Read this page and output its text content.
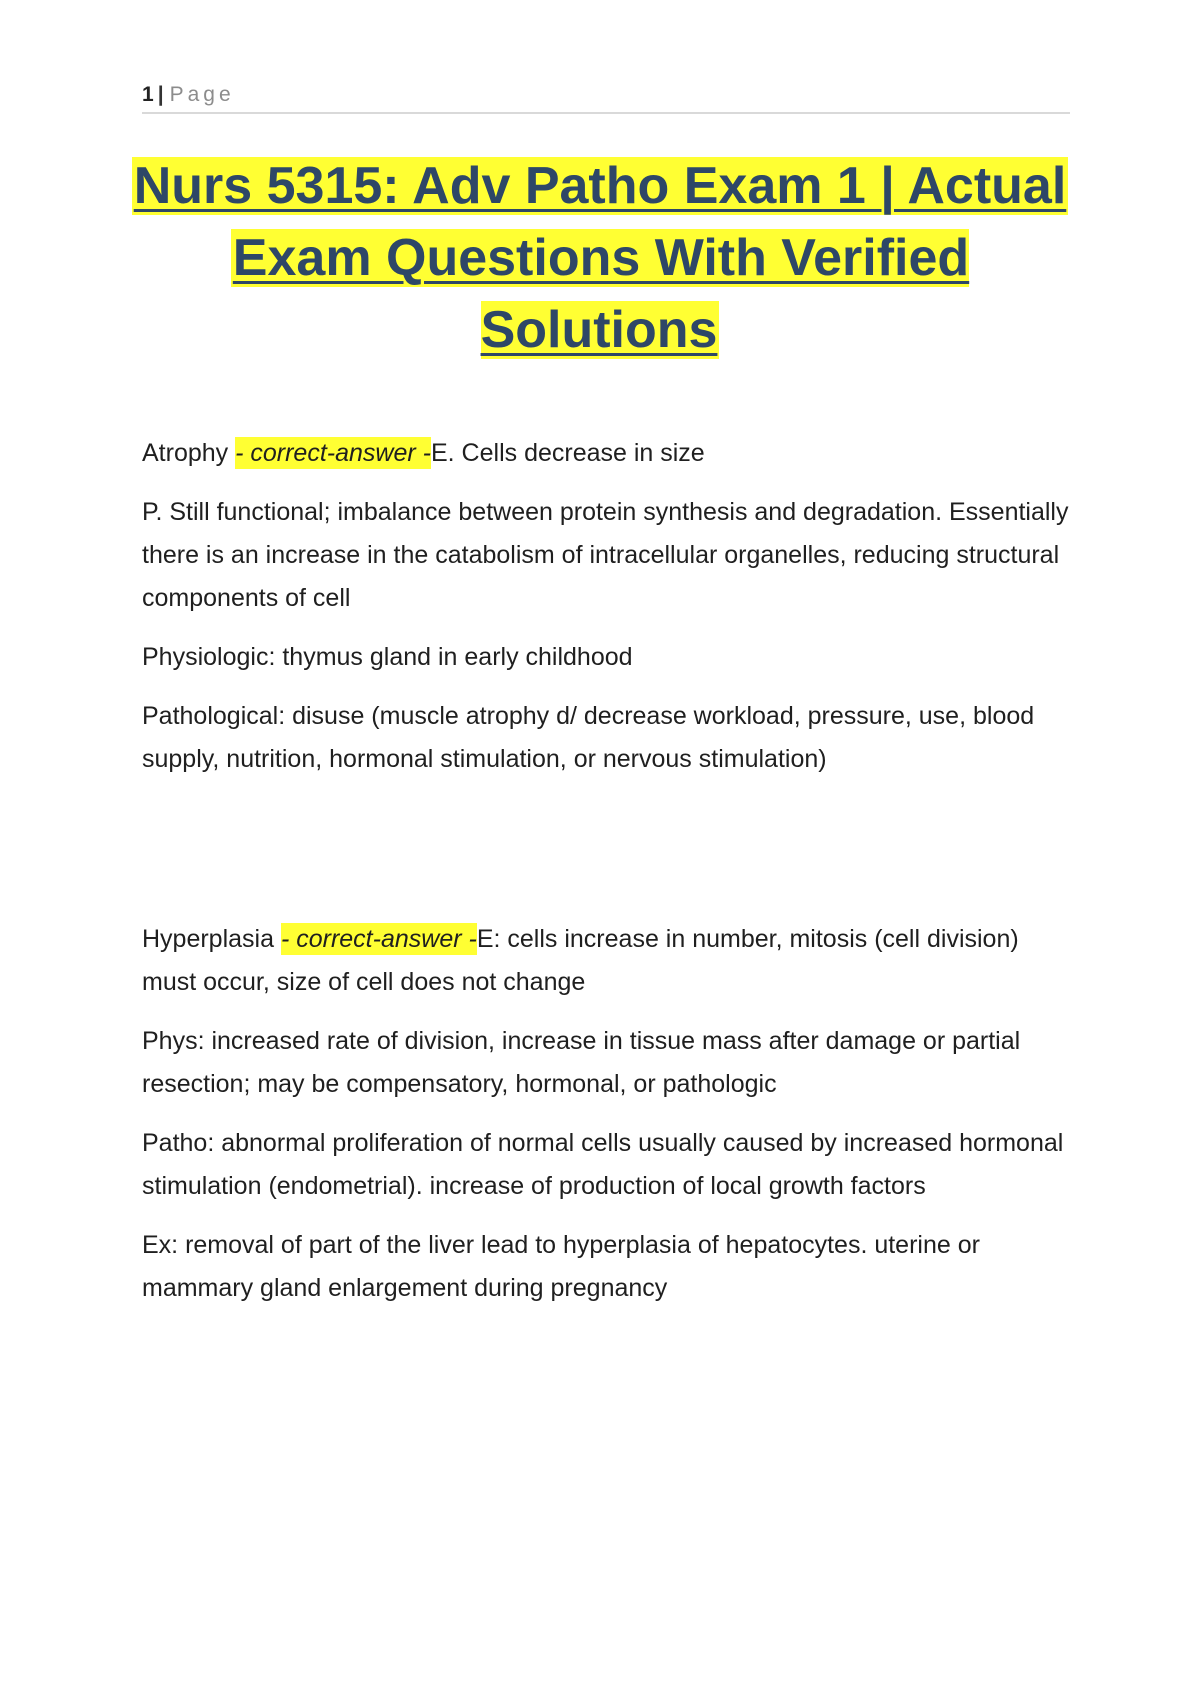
1 | Page
Nurs 5315: Adv Patho Exam 1 | Actual
Exam Questions With Verified Solutions

Atrophy - correct-answer -E. Cells decrease in size

P. Still functional; imbalance between protein synthesis and degradation. Essentially there is an increase in the catabolism of intracellular organelles, reducing structural components of cell

Physiologic: thymus gland in early childhood

Pathological: disuse (muscle atrophy d/ decrease workload, pressure, use, blood supply, nutrition, hormonal stimulation, or nervous stimulation)

Hyperplasia - correct-answer -E: cells increase in number, mitosis (cell division) must occur, size of cell does not change

Phys: increased rate of division, increase in tissue mass after damage or partial resection; may be compensatory, hormonal, or pathologic

Patho: abnormal proliferation of normal cells usually caused by increased hormonal stimulation (endometrial). increase of production of local growth factors

Ex: removal of part of the liver lead to hyperplasia of hepatocytes. uterine or mammary gland enlargement during pregnancy
